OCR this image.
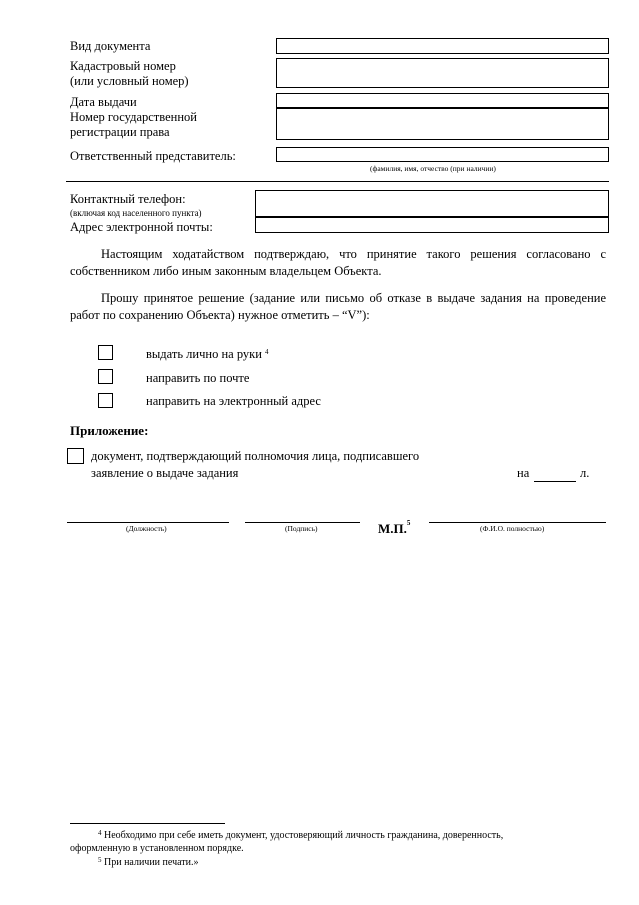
Вид документа
Кадастровый номер
(или условный номер)
Дата выдачи
Номер государственной
регистрации права
Ответственный представитель:
(фамилия, имя, отчество (при наличии)
Контактный телефон:
(включая код населенного пункта)
Адрес электронной почты:
Настоящим ходатайством подтверждаю, что принятие такого решения согласовано с собственником либо иным законным владельцем Объекта.
Прошу принятое решение (задание или письмо об отказе в выдаче задания на проведение работ по сохранению Объекта) нужное отметить – “V”):
выдать лично на руки $^4$
направить по почте
направить на электронный адрес
Приложение:
документ, подтверждающий полномочия лица, подписавшего
заявление о выдаче задания	на	л.
(Должность)	(Подпись)	М.П.$^5$
(Ф.И.О. полностью)
$^4$ Необходимо при себе иметь документ, удостоверяющий личность гражданина, доверенность,
оформленную в установленном порядке.
$^5$ При наличии печати.»
